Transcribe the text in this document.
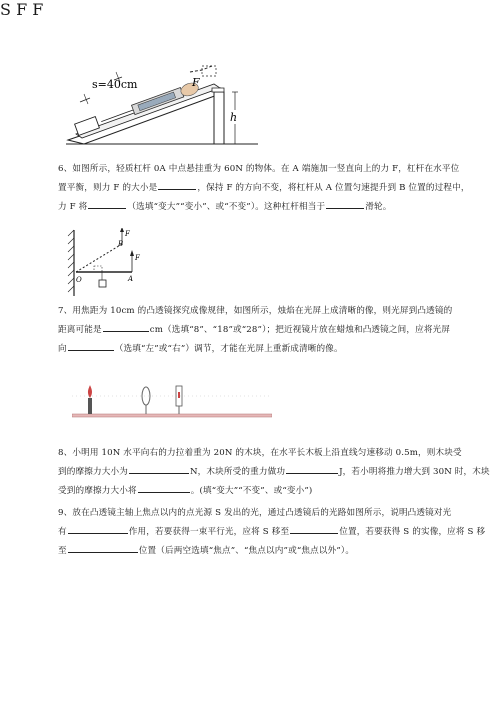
s=40cm	F
h
6、如图所示，轻质杠杆 0A 中点悬挂重为 60N 的物体。在 A 端施加一竖直向上的力 F，杠杆在水平位
置平衡，则力 F 的大小是	，保持 F 的方向不变，将杠杆从 A 位置匀速提升到 B 位置的过程中，
力 F 将	（选填“变大”“变小”、或“不变”）。这种杠杆相当于	滑轮。
F
F
B
O	A
7、用焦距为 10cm 的凸透镜探究成像规律，如图所示，烛焰在光屏上成清晰的像，则光屏到凸透镜的
距离可能是	cm（选填“8”、“18”或“28”）；把近视镜片放在蜡烛和凸透镜之间，应将光屏
向	（选填“左”或“右”）调节，才能在光屏上重新成清晰的像。
8、小明用 10N 水平向右的力拉着重为 20N 的木块，在水平长木板上沿直线匀速移动 0.5m，则木块受
到的摩擦力大小为	N，木块所受的重力做功	J，若小明将推力增大到 30N 时，木块
受到的摩擦力大小将	。(填“变大”“不变”、或“变小”)
9、放在凸透镜主轴上焦点以内的点光源 S 发出的光，通过凸透镜后的光路如图所示，说明凸透镜对光
有	作用，若要获得一束平行光，应将 S 移至	位置，若要获得 S 的实像，应将 S 移
至	位置（后两空选填“焦点”、“焦点以内”或“焦点以外”）。
S F F
